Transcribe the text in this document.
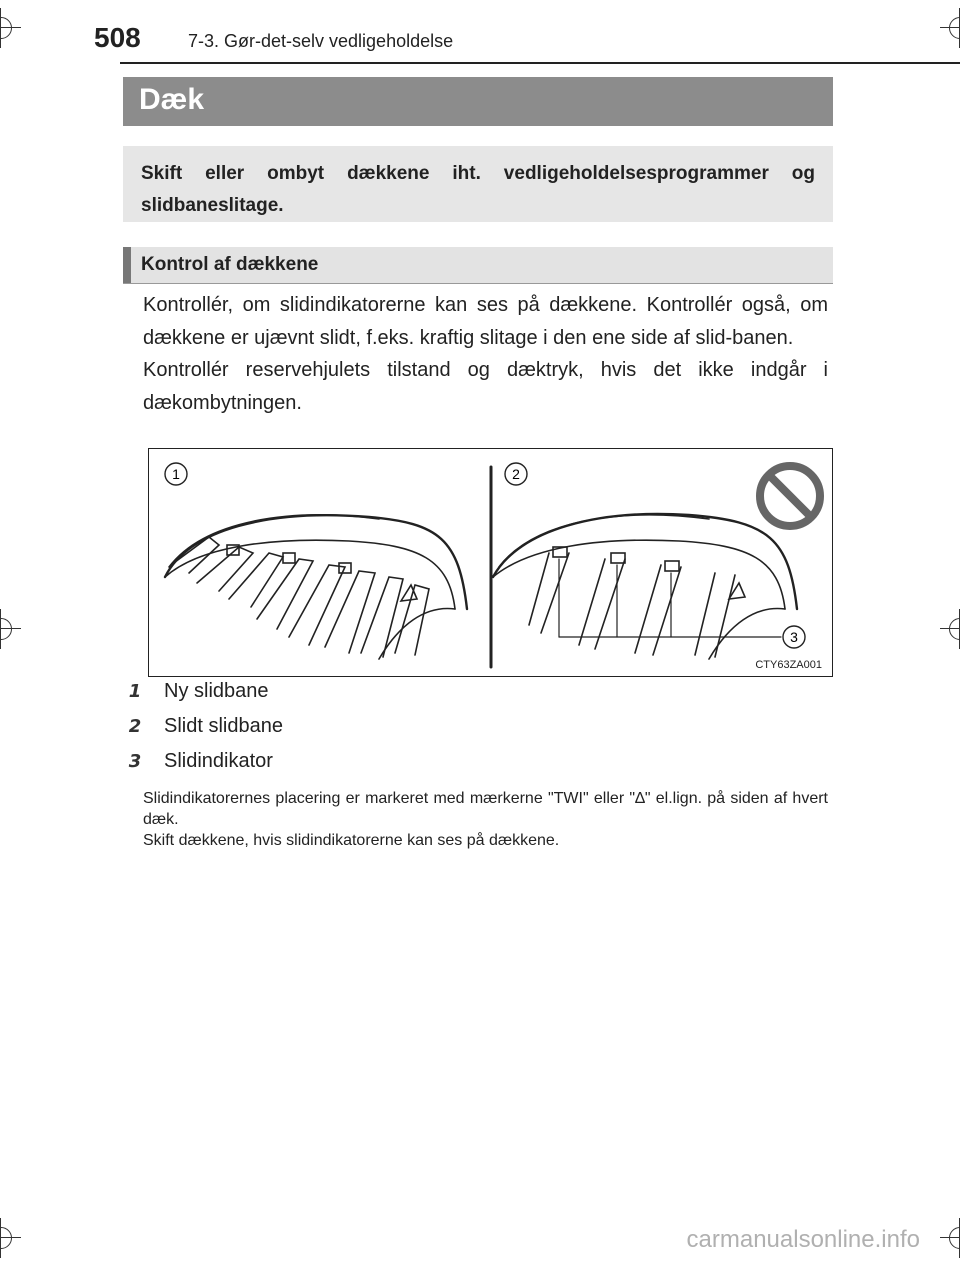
508	7-3. Gør-det-selv vedligeholdelse
Dæk
Skift eller ombyt dækkene iht. vedligeholdelsesprogrammer og slidbaneslitage.
Kontrol af dækkene

Kontrollér, om slidindikatorerne kan ses på dækkene. Kontrollér også, om dækkene er ujævnt slidt, f.eks. kraftig slitage i den ene side af slid-banen.

Kontrollér reservehjulets tilstand og dæktryk, hvis det ikke indgår i dækombytningen.

1	2
3
CTY63ZA001
1 Ny slidbane
2 Slidt slidbane
3 Slidindikator

Slidindikatorernes placering er markeret med mærkerne "TWI" eller "∆" el.lign. på siden af hvert dæk.

Skift dækkene, hvis slidindikatorerne kan ses på dækkene.

carmanualsonline.info
